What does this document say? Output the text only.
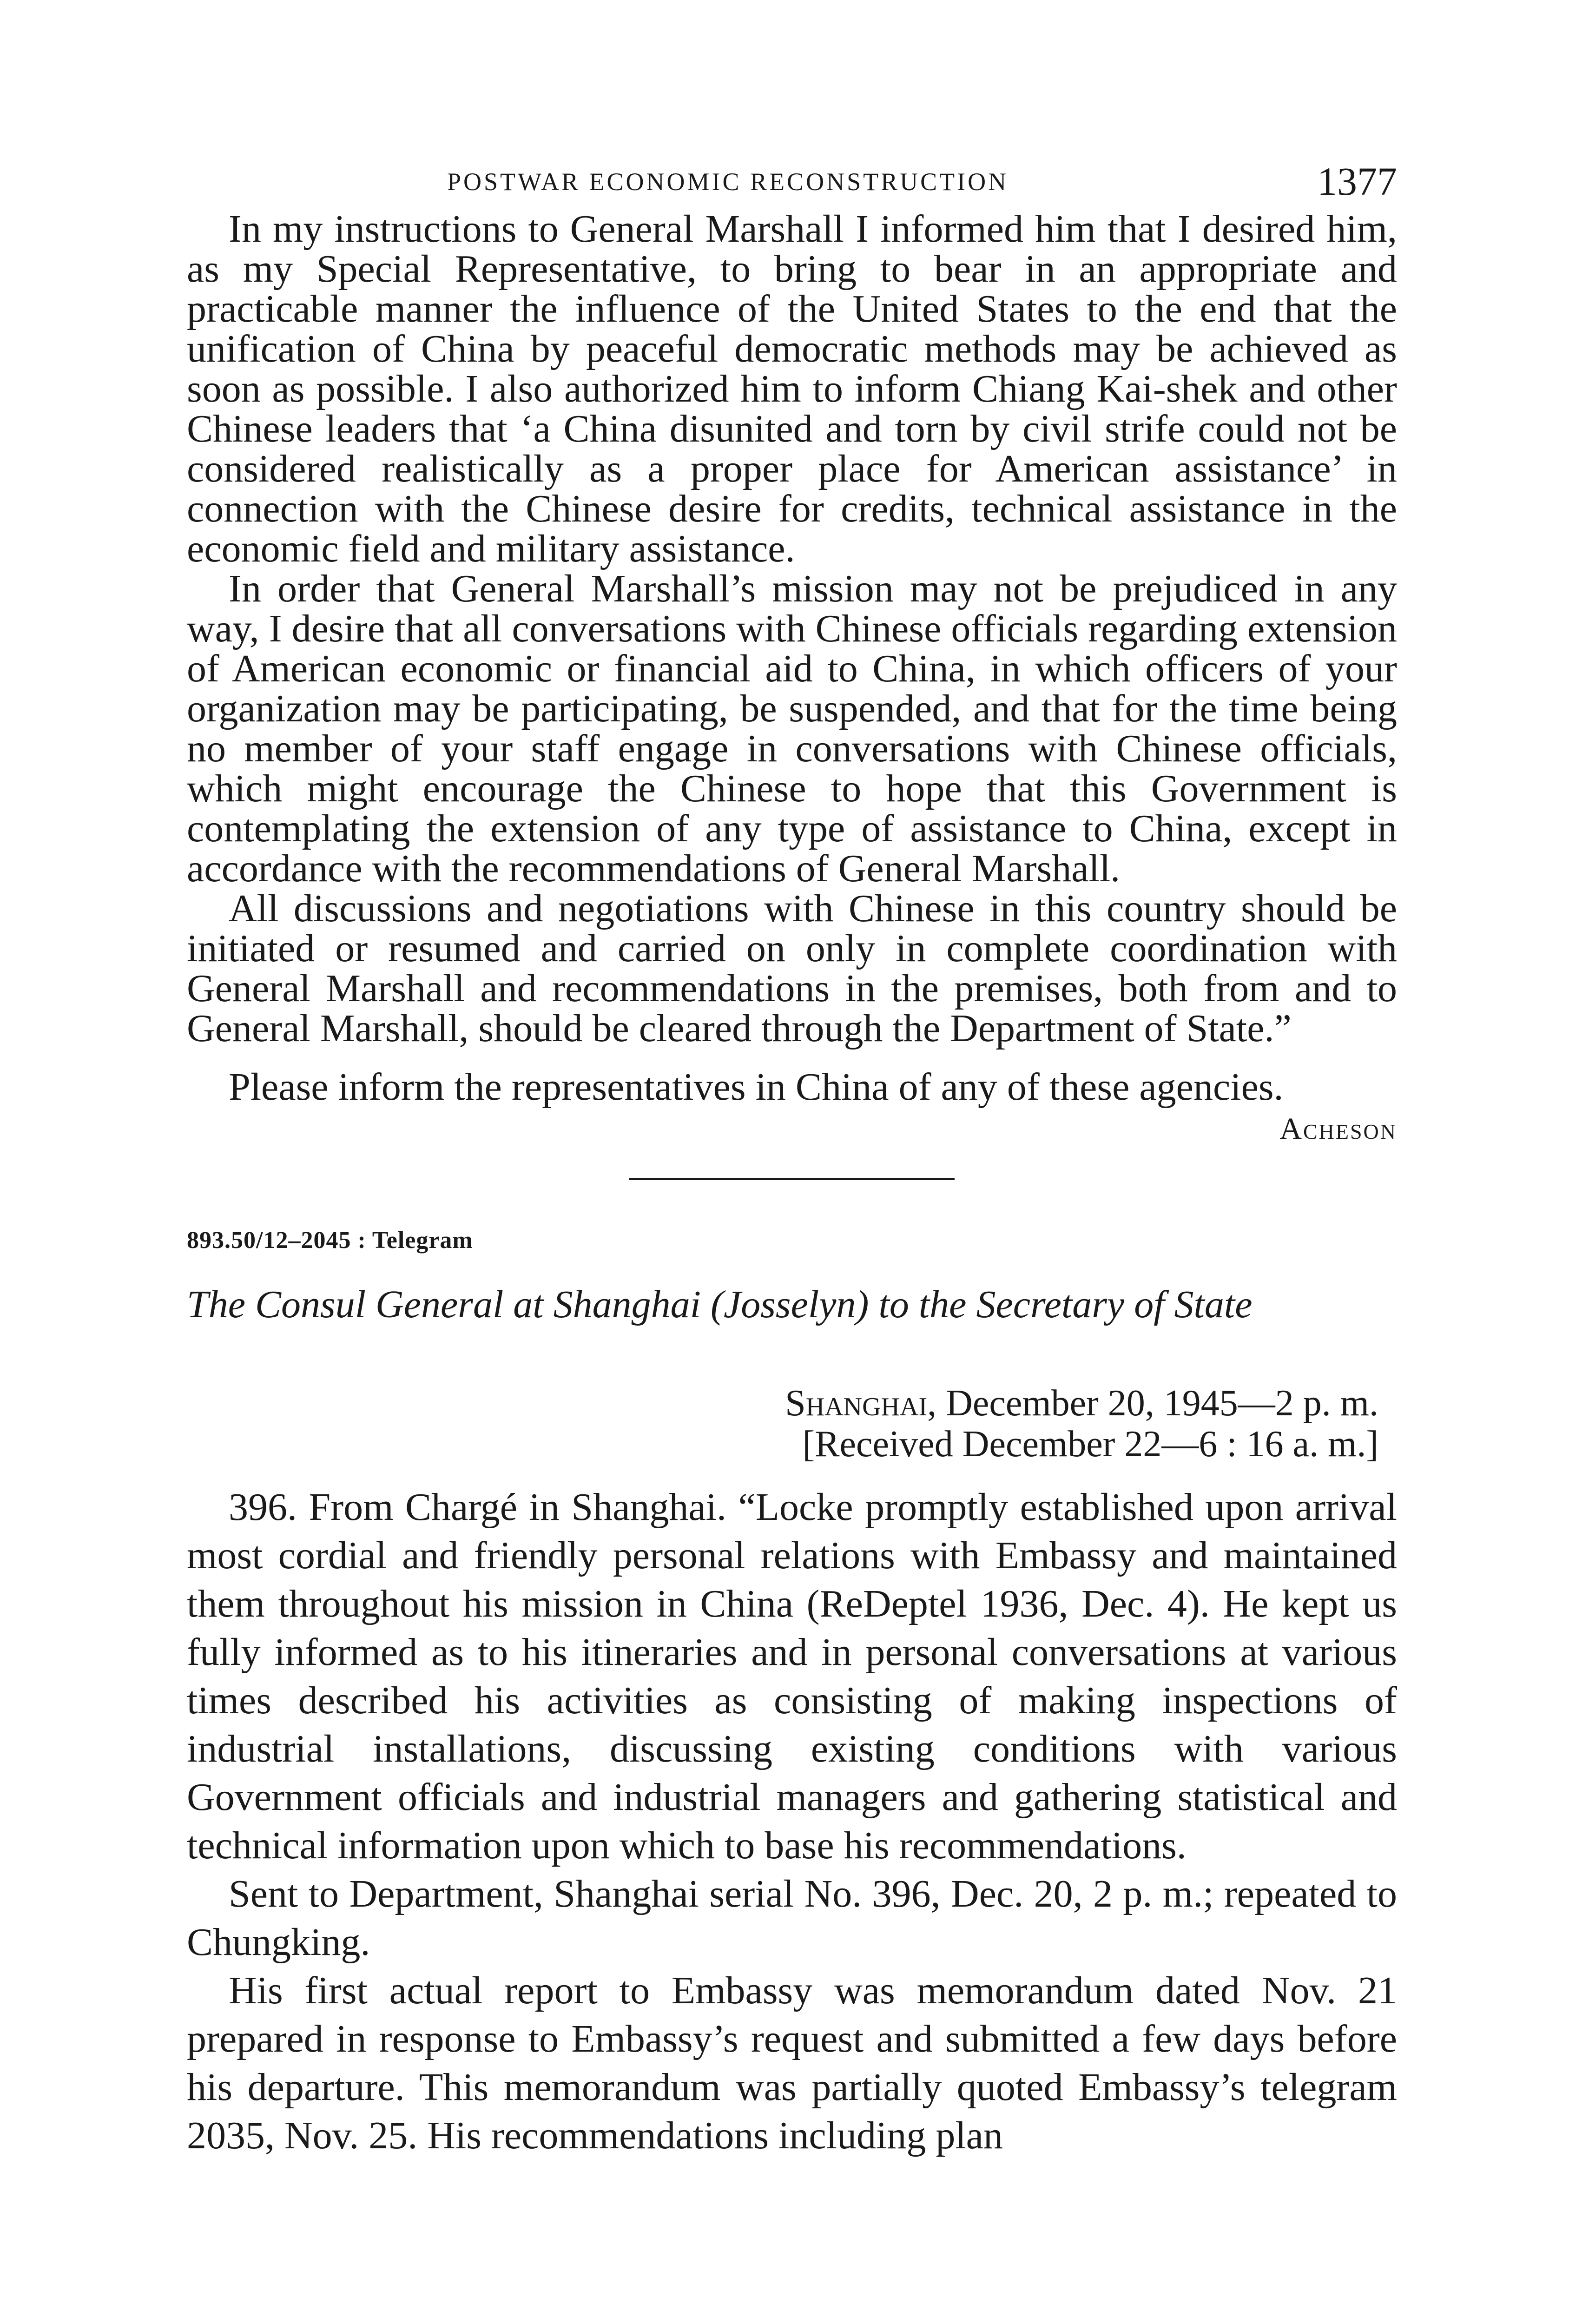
POSTWAR ECONOMIC RECONSTRUCTION	1377

In my instructions to General Marshall I informed him that I desired him, as my Special Representative, to bring to bear in an appropriate and practicable manner the influence of the United States to the end that the unification of China by peaceful democratic methods may be achieved as soon as possible. I also authorized him to inform Chiang Kai-shek and other Chinese leaders that ‘a China disunited and torn by civil strife could not be considered realistically as a proper place for American assistance’ in connection with the Chinese desire for credits, technical assistance in the economic field and military assistance.

In order that General Marshall’s mission may not be prejudiced in any way, I desire that all conversations with Chinese officials regarding extension of American economic or financial aid to China, in which officers of your organization may be participating, be suspended, and that for the time being no member of your staff engage in conversations with Chinese officials, which might encourage the Chinese to hope that this Government is contemplating the extension of any type of assistance to China, except in accordance with the recommendations of General Marshall.

All discussions and negotiations with Chinese in this country should be initiated or resumed and carried on only in complete coordination with General Marshall and recommendations in the premises, both from and to General Marshall, should be cleared through the Department of State.”

Please inform the representatives in China of any of these agencies.

Acheson
893.50/12–2045 : Telegram
The Consul General at Shanghai (Josselyn) to the Secretary of State
Shanghai, December 20, 1945—2 p. m.
[Received December 22—6 : 16 a. m.]

396. From Chargé in Shanghai. “Locke promptly established upon arrival most cordial and friendly personal relations with Embassy and maintained them throughout his mission in China (ReDeptel 1936, Dec. 4). He kept us fully informed as to his itineraries and in personal conversations at various times described his activities as consisting of making inspections of industrial installations, discussing existing conditions with various Government officials and industrial managers and gathering statistical and technical information upon which to base his recommendations.

Sent to Department, Shanghai serial No. 396, Dec. 20, 2 p. m.; repeated to Chungking.

His first actual report to Embassy was memorandum dated Nov. 21 prepared in response to Embassy’s request and submitted a few days before his departure. This memorandum was partially quoted Embassy’s telegram 2035, Nov. 25. His recommendations including plan
